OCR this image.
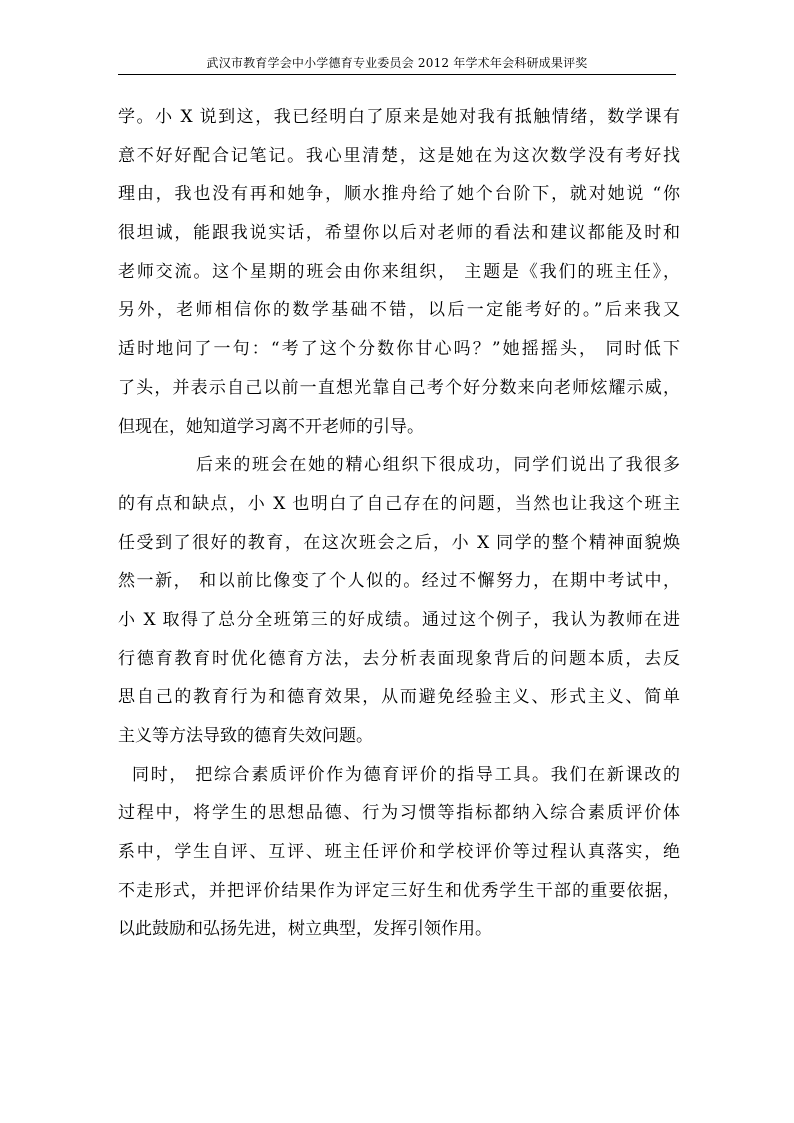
武汉市教育学会中小学德育专业委员会 2012 年学术年会科研成果评奖
学。小 X 说到这，我已经明白了原来是她对我有抵触情绪，数学课有
意不好好配合记笔记。我心里清楚，这是她在为这次数学没有考好找
理由，我也没有再和她争，顺水推舟给了她个台阶下，就对她说 “你
很坦诚，能跟我说实话，希望你以后对老师的看法和建议都能及时和
老师交流。这个星期的班会由你来组织， 主题是《我们的班主任》，
另外，老师相信你的数学基础不错，以后一定能考好的。”后来我又
适时地问了一句：“考了这个分数你甘心吗？”她摇摇头， 同时低下
了头，并表示自己以前一直想光靠自己考个好分数来向老师炫耀示威，
但现在，她知道学习离不开老师的引导。
后来的班会在她的精心组织下很成功，同学们说出了我很多
的有点和缺点，小 X 也明白了自己存在的问题，当然也让我这个班主
任受到了很好的教育，在这次班会之后，小 X 同学的整个精神面貌焕
然一新， 和以前比像变了个人似的。经过不懈努力，在期中考试中，
小 X 取得了总分全班第三的好成绩。通过这个例子，我认为教师在进
行德育教育时优化德育方法，去分析表面现象背后的问题本质，去反
思自己的教育行为和德育效果，从而避免经验主义、形式主义、简单
主义等方法导致的德育失效问题。
同时， 把综合素质评价作为德育评价的指导工具。我们在新课改的
过程中，将学生的思想品德、行为习惯等指标都纳入综合素质评价体
系中，学生自评、互评、班主任评价和学校评价等过程认真落实，绝
不走形式，并把评价结果作为评定三好生和优秀学生干部的重要依据，
以此鼓励和弘扬先进，树立典型，发挥引领作用。
